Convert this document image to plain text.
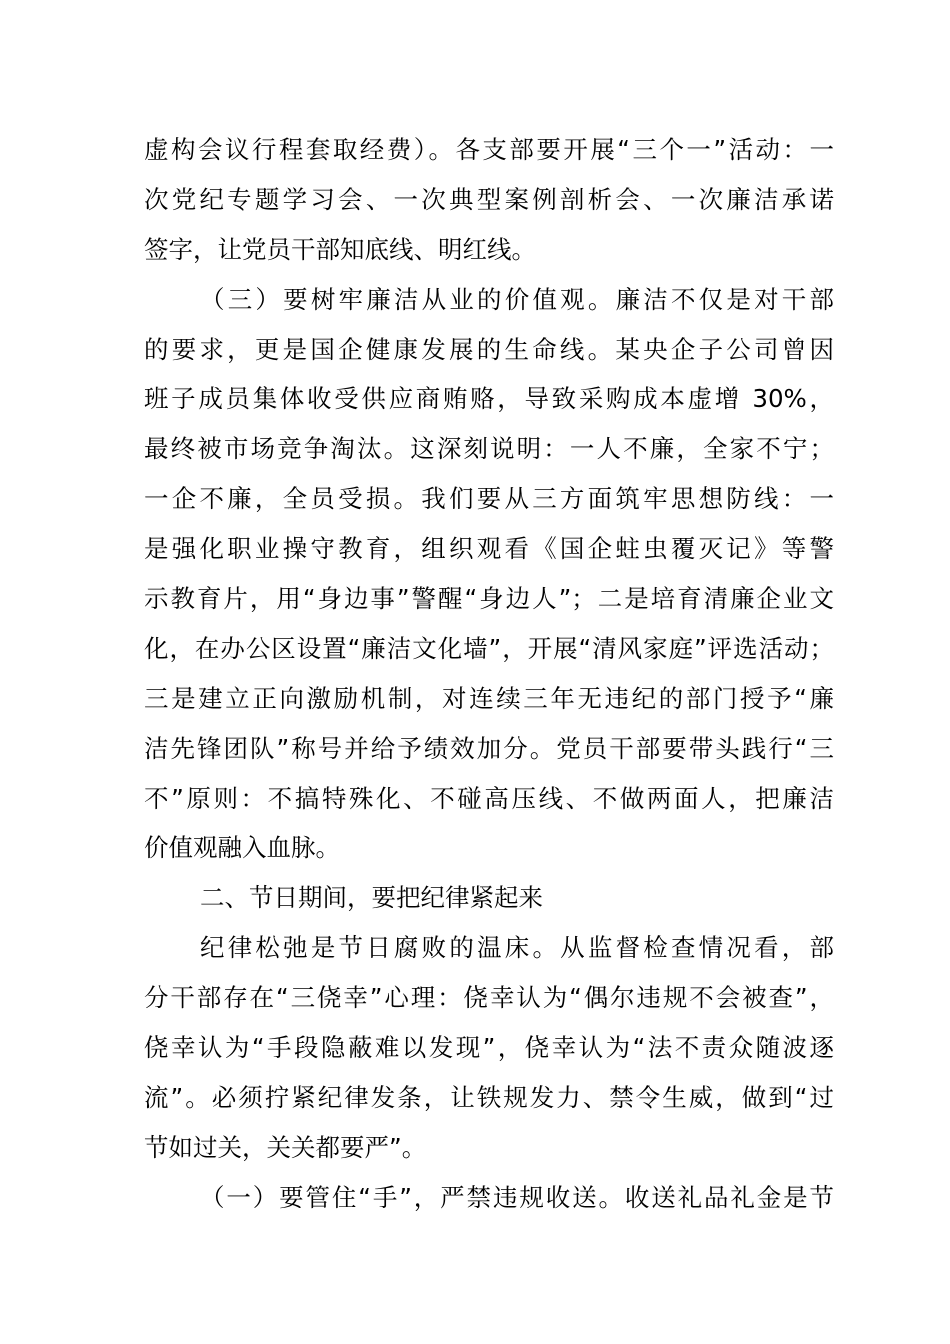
虚构会议行程套取经费）。各支部要开展“三个一”活动：一
次党纪专题学习会、一次典型案例剖析会、一次廉洁承诺
签字，让党员干部知底线、明红线。
（三）要树牢廉洁从业的价值观。廉洁不仅是对干部
的要求，更是国企健康发展的生命线。某央企子公司曾因
班子成员集体收受供应商贿赂，导致采购成本虚增 30%，
最终被市场竞争淘汰。这深刻说明：一人不廉，全家不宁；
一企不廉，全员受损。我们要从三方面筑牢思想防线：一
是强化职业操守教育，组织观看《国企蛀虫覆灭记》等警
示教育片，用“身边事”警醒“身边人”；二是培育清廉企业文
化，在办公区设置“廉洁文化墙”，开展“清风家庭”评选活动；
三是建立正向激励机制，对连续三年无违纪的部门授予“廉
洁先锋团队”称号并给予绩效加分。党员干部要带头践行“三
不”原则：不搞特殊化、不碰高压线、不做两面人，把廉洁
价值观融入血脉。
二、节日期间，要把纪律紧起来
纪律松弛是节日腐败的温床。从监督检查情况看，部
分干部存在“三侥幸”心理：侥幸认为“偶尔违规不会被查”，
侥幸认为“手段隐蔽难以发现”，侥幸认为“法不责众随波逐
流”。必须拧紧纪律发条，让铁规发力、禁令生威，做到“过
节如过关，关关都要严”。
（一）要管住“手”，严禁违规收送。收送礼品礼金是节
